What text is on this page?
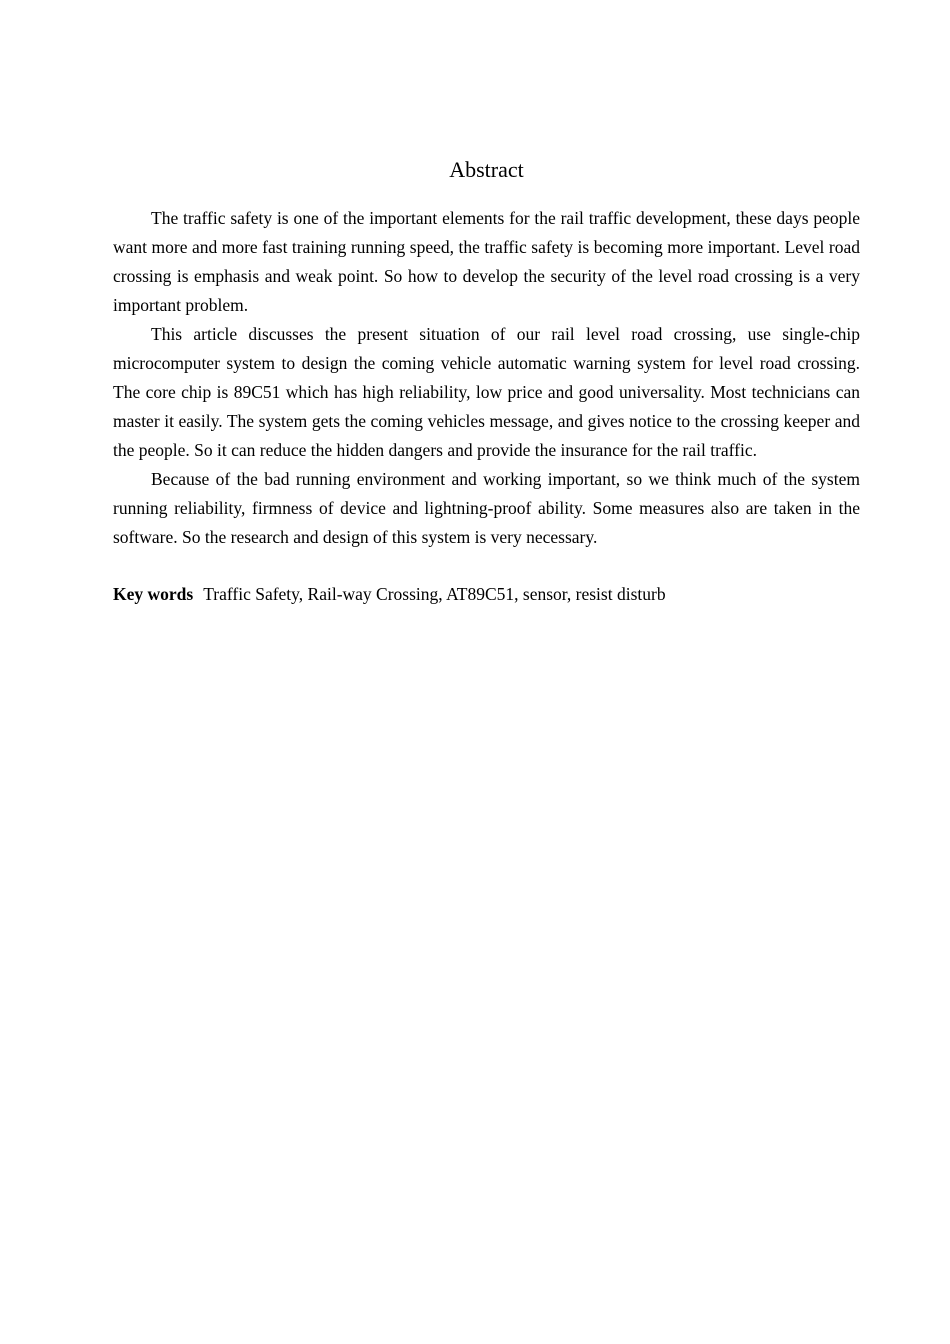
Abstract

The traffic safety is one of the important elements for the rail traffic development, these days people want more and more fast training running speed, the traffic safety is becoming more important. Level road crossing is emphasis and weak point. So how to develop the security of the level road crossing is a very important problem.

This article discusses the present situation of our rail level road crossing, use single-chip microcomputer system to design the coming vehicle automatic warning system for level road crossing. The core chip is 89C51 which has high reliability, low price and good universality. Most technicians can master it easily. The system gets the coming vehicles message, and gives notice to the crossing keeper and the people. So it can reduce the hidden dangers and provide the insurance for the rail traffic.

Because of the bad running environment and working important, so we think much of the system running reliability, firmness of device and lightning-proof ability. Some measures also are taken in the software. So the research and design of this system is very necessary.

Key words Traffic Safety, Rail-way Crossing, AT89C51, sensor, resist disturb
